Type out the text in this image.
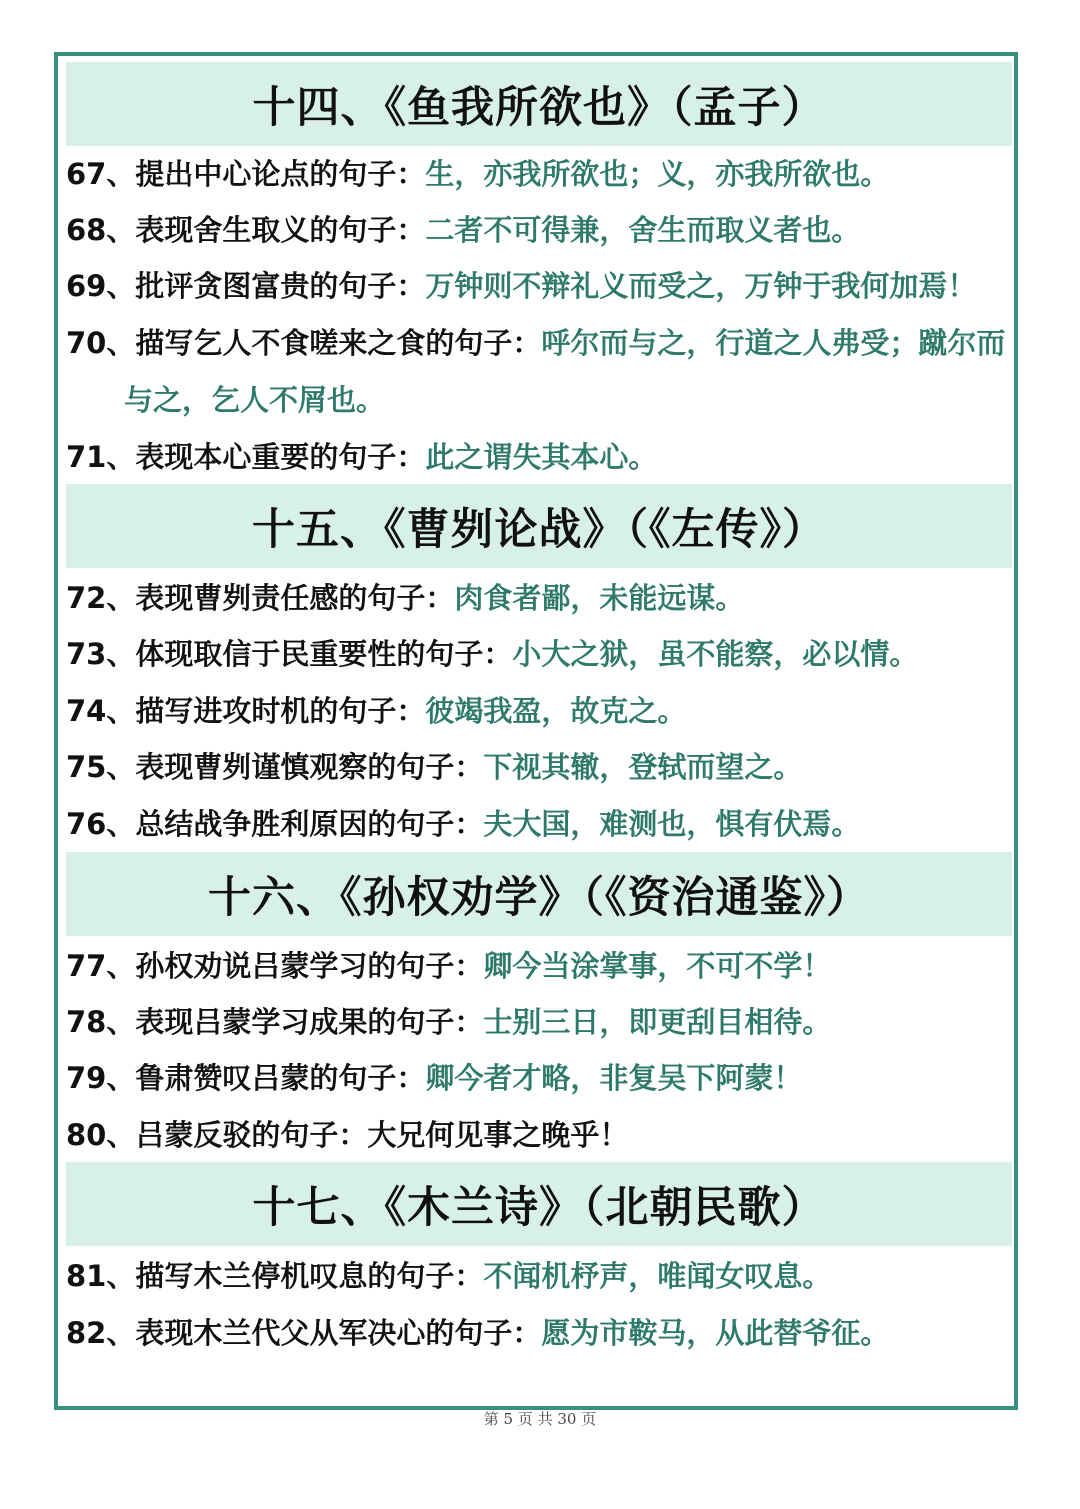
十四、《鱼我所欲也》（孟子）
67、提出中心论点的句子：生，亦我所欲也；义，亦我所欲也。
68、表现舍生取义的句子：二者不可得兼，舍生而取义者也。
69、批评贪图富贵的句子：万钟则不辩礼义而受之，万钟于我何加焉！
70、描写乞人不食嗟来之食的句子：呼尔而与之，行道之人弗受；蹴尔而
与之，乞人不屑也。
71、表现本心重要的句子：此之谓失其本心。
十五、《曹刿论战》（《左传》）
72、表现曹刿责任感的句子：肉食者鄙，未能远谋。
73、体现取信于民重要性的句子：小大之狱，虽不能察，必以情。
74、描写进攻时机的句子：彼竭我盈，故克之。
75、表现曹刿谨慎观察的句子：下视其辙，登轼而望之。
76、总结战争胜利原因的句子：夫大国，难测也，惧有伏焉。
十六、《孙权劝学》（《资治通鉴》）
77、孙权劝说吕蒙学习的句子：卿今当涂掌事，不可不学！
78、表现吕蒙学习成果的句子：士别三日，即更刮目相待。
79、鲁肃赞叹吕蒙的句子：卿今者才略，非复吴下阿蒙！
80、吕蒙反驳的句子：大兄何见事之晚乎！
十七、《木兰诗》（北朝民歌）
81、描写木兰停机叹息的句子：不闻机杼声，唯闻女叹息。
82、表现木兰代父从军决心的句子：愿为市鞍马，从此替爷征。
第 5 页 共 30 页
